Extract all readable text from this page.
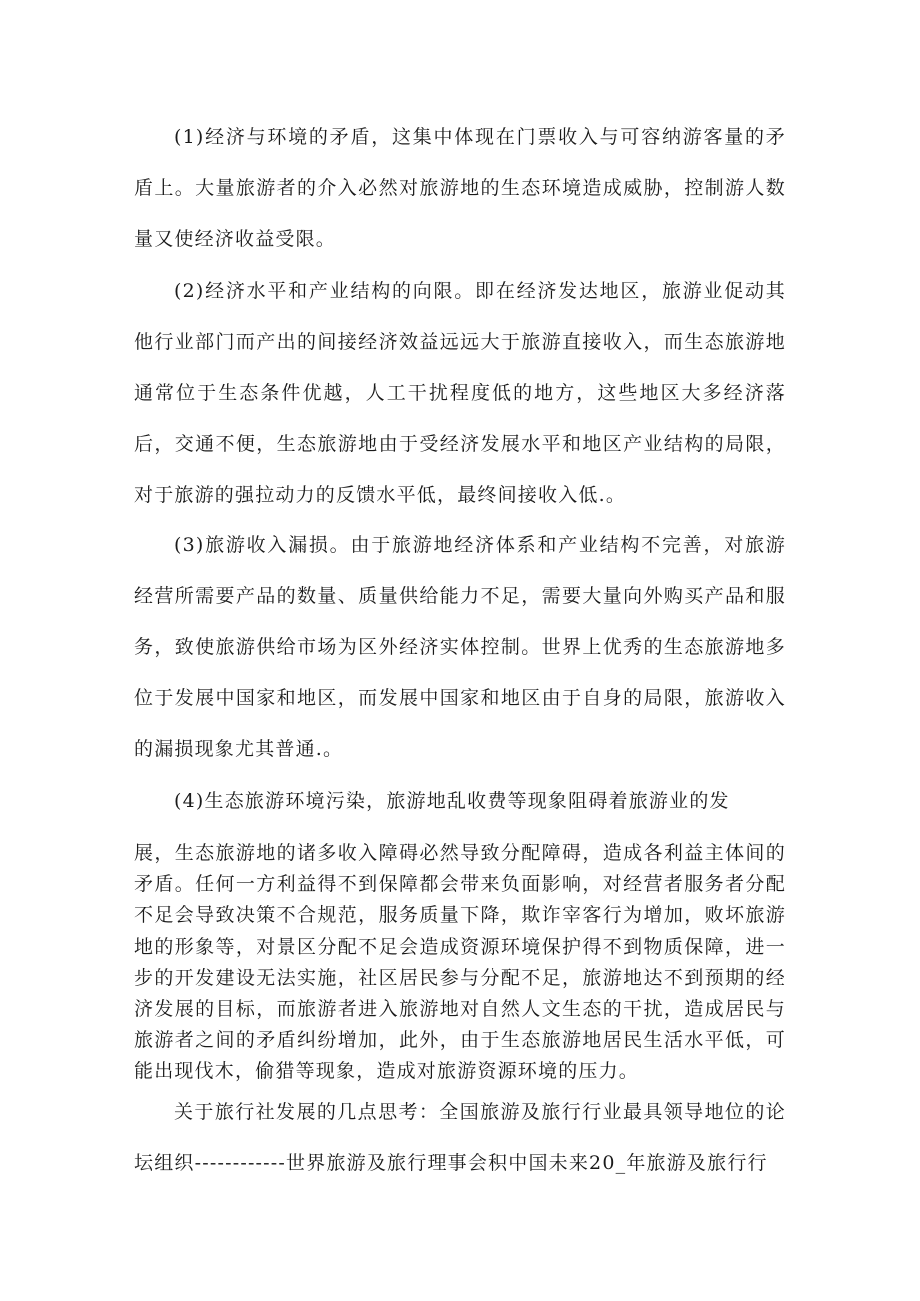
(1)经济与环境的矛盾，这集中体现在门票收入与可容纳游客量的矛盾上。大量旅游者的介入必然对旅游地的生态环境造成威胁，控制游人数量又使经济收益受限。

(2)经济水平和产业结构的向限。即在经济发达地区，旅游业促动其他行业部门而产出的间接经济效益远远大于旅游直接收入，而生态旅游地通常位于生态条件优越，人工干扰程度低的地方，这些地区大多经济落后，交通不便，生态旅游地由于受经济发展水平和地区产业结构的局限，对于旅游的强拉动力的反馈水平低，最终间接收入低.。

(3)旅游收入漏损。由于旅游地经济体系和产业结构不完善，对旅游经营所需要产品的数量、质量供给能力不足，需要大量向外购买产品和服务，致使旅游供给市场为区外经济实体控制。世界上优秀的生态旅游地多位于发展中国家和地区，而发展中国家和地区由于自身的局限，旅游收入的漏损现象尤其普通.。

(4)生态旅游环境污染，旅游地乱收费等现象阻碍着旅游业的发

展，生态旅游地的诸多收入障碍必然导致分配障碍，造成各利益主体间的矛盾。任何一方利益得不到保障都会带来负面影响，对经营者服务者分配不足会导致决策不合规范，服务质量下降，欺诈宰客行为增加，败坏旅游地的形象等，对景区分配不足会造成资源环境保护得不到物质保障，进一步的开发建设无法实施，社区居民参与分配不足，旅游地达不到预期的经济发展的目标，而旅游者进入旅游地对自然人文生态的干扰，造成居民与旅游者之间的矛盾纠纷增加，此外，由于生态旅游地居民生活水平低，可能出现伐木，偷猎等现象，造成对旅游资源环境的压力。

关于旅行社发展的几点思考：全国旅游及旅行行业最具领导地位的论坛组织------------世界旅游及旅行理事会积中国未来20_年旅游及旅行行
